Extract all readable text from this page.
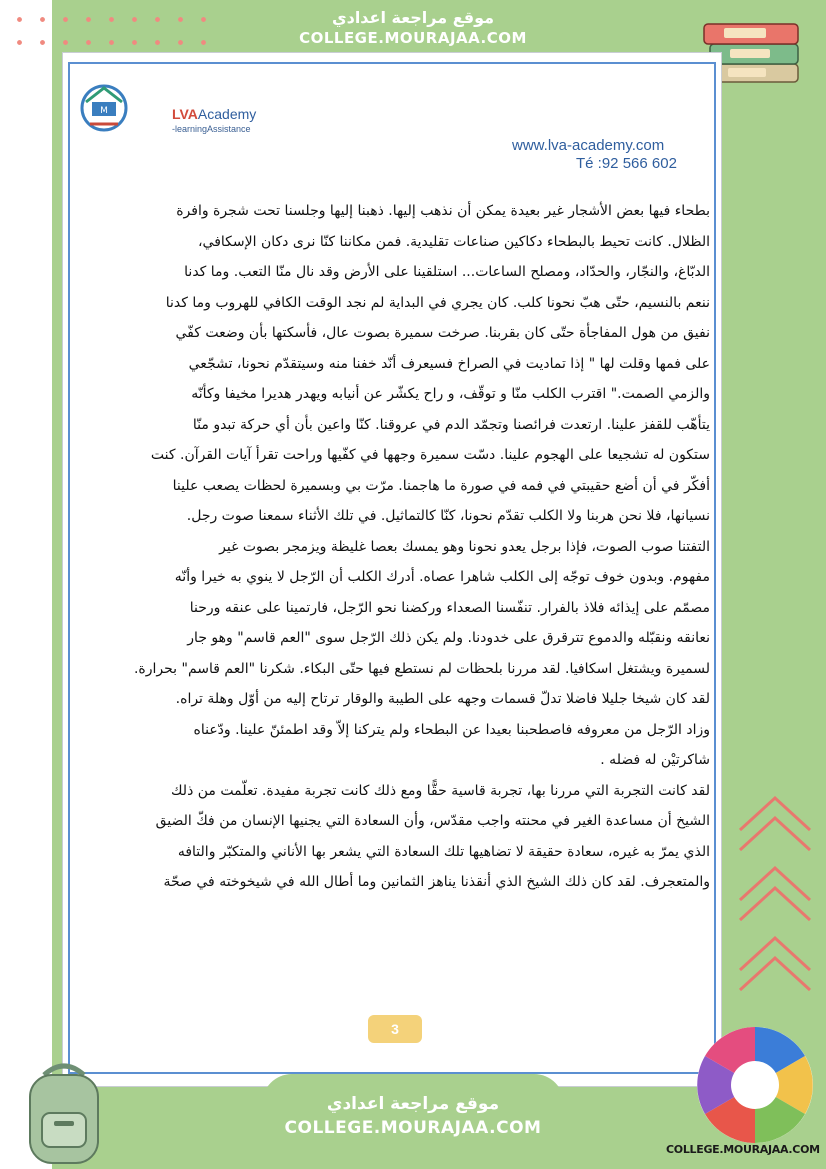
موقع مراجعة اعدادي
COLLEGE.MOURAJAA.COM
M	LVAAcademy
-learningAssistance
www.lva-academy.com
Té :92 566 602

بطحاء فيها بعض الأشجار غير بعيدة يمكن أن نذهب إليها. ذهبنا إليها وجلسنا تحت شجرة وافرة

الظلال. كانت تحيط بالبطحاء دكاكين صناعات تقليدية. فمن مكاننا كنّا نرى دكان الإسكافي،

الدبّاغ، والنجّار، والحدّاد، ومصلح الساعات... استلقينا على الأرض وقد نال منّا التعب. وما كدنا

ننعم بالنسيم، حتّى هبّ نحونا كلب. كان يجري في البداية لم نجد الوقت الكافي للهروب وما كدنا

نفيق من هول المفاجأة حتّى كان بقربنا. صرخت سميرة بصوت عال، فأسكتها بأن وضعت كفّي

على فمها وقلت لها " إذا تماديت في الصراخ فسيعرف أنّد خفنا منه وسيتقدّم نحونا، تشجّعي

والزمي الصمت." اقترب الكلب منّا و توقّف، و راح يكشّر عن أنيابه ويهدر هديرا مخيفا وكأنّه

يتأهّب للقفز علينا. ارتعدت فرائصنا وتجمّد الدم في عروقنا. كنّا واعين بأن أي حركة تبدو منّا

ستكون له تشجيعا على الهجوم علينا. دسّت سميرة وجهها في كفّيها وراحت تقرأ آيات القرآن. كنت

أفكّر في أن أضع حقيبتي في فمه في صورة ما هاجمنا. مرّت بي وبسميرة لحظات يصعب علينا

نسيانها، فلا نحن هربنا ولا الكلب تقدّم نحونا، كنّا كالتماثيل. في تلك الأثناء سمعنا صوت رجل.

التفتنا صوب الصوت، فإذا برجل يعدو نحونا وهو يمسك بعصا غليظة ويزمجر بصوت غير

مفهوم. وبدون خوف توجّه إلى الكلب شاهرا عصاه. أدرك الكلب أن الرّجل لا ينوي به خيرا وأنّه

مصمّم على إيذائه فلاذ بالفرار. تنفّسنا الصعداء وركضنا نحو الرّجل، فارتمينا على عنقه ورحنا

نعانقه ونقبّله والدموع تترقرق على خدودنا. ولم يكن ذلك الرّجل سوى "العم قاسم" وهو جار

لسميرة ويشتغل اسكافيا. لقد مررنا بلحظات لم نستطع فيها حتّى البكاء. شكرنا "العم قاسم" بحرارة.

لقد كان شيخا جليلا فاضلا تدلّ قسمات وجهه على الطيبة والوقار ترتاح إليه من أوّل وهلة تراه.

وزاد الرّجل من معروفه فاصطحبنا بعيدا عن البطحاء ولم يتركنا إلاّ وقد اطمئنّ علينا. ودّعناه

شاكرتيْن له فضله .

لقد كانت التجربة التي مررنا بها، تجربة قاسية حقًّا ومع ذلك كانت تجربة مفيدة. تعلّمت من ذلك

الشيخ أن مساعدة الغير في محنته واجب مقدّس، وأن السعادة التي يجنيها الإنسان من فكّ الضيق

الذي يمرّ به غيره، سعادة حقيقة لا تضاهيها تلك السعادة التي يشعر بها الأناني والمتكبّر والتافه

والمتعجرف. لقد كان ذلك الشيخ الذي أنقذنا يناهز الثمانين وما أطال الله في شيخوخته في صحّة

3
موقع مراجعة اعدادي
COLLEGE.MOURAJAA.COM
COLLEGE.MOURAJAA.COM
